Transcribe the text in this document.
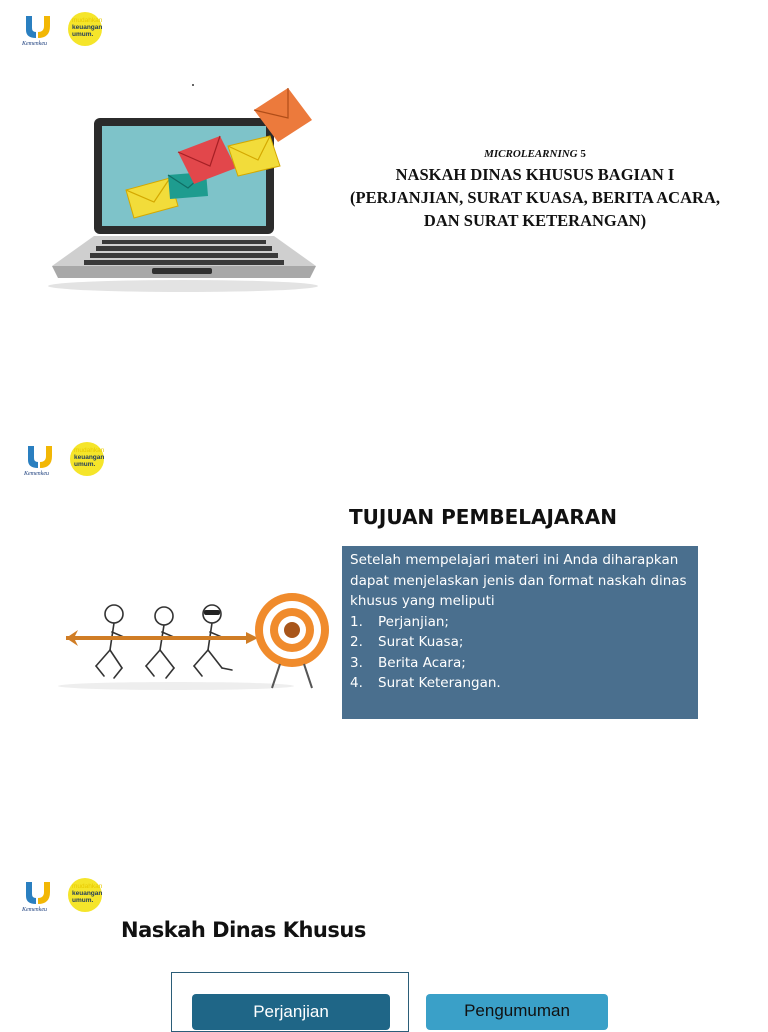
Kemenkeu
mudahkan
keuangan
umum.
MICROLEARNING 5
NASKAH DINAS KHUSUS BAGIAN I (PERJANJIAN, SURAT KUASA, BERITA ACARA, DAN SURAT KETERANGAN)
Kemenkeu
mudahkan
keuangan
umum.
TUJUAN PEMBELAJARAN
Setelah mempelajari materi ini Anda diharapkan dapat menjelaskan jenis dan format naskah dinas khusus yang meliputi
1.	Perjanjian;
2.	Surat Kuasa;
3.	Berita Acara;
4.	Surat Keterangan.
Kemenkeu
mudahkan
keuangan
umum.
Naskah Dinas Khusus
Perjanjian	Pengumuman
